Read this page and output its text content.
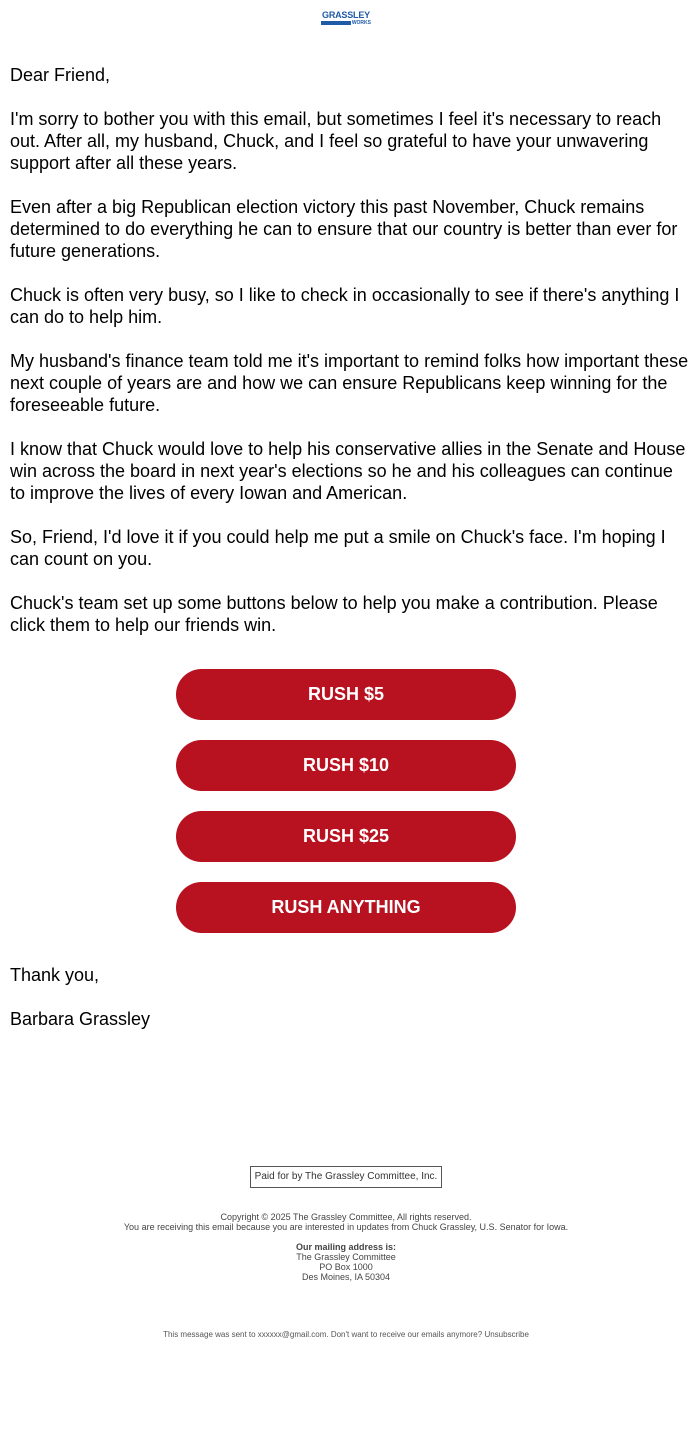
GRASSLEY
WORKS

Dear Friend,

I'm sorry to bother you with this email, but sometimes I feel it's necessary to reach out. After all, my husband, Chuck, and I feel so grateful to have your unwavering support after all these years.

Even after a big Republican election victory this past November, Chuck remains determined to do everything he can to ensure that our country is better than ever for future generations.

Chuck is often very busy, so I like to check in occasionally to see if there's anything I can do to help him.

My husband's finance team told me it's important to remind folks how important these next couple of years are and how we can ensure Republicans keep winning for the foreseeable future.

I know that Chuck would love to help his conservative allies in the Senate and House win across the board in next year's elections so he and his colleagues can continue to improve the lives of every Iowan and American.

So, Friend, I'd love it if you could help me put a smile on Chuck's face. I'm hoping I can count on you.

Chuck's team set up some buttons below to help you make a contribution. Please click them to help our friends win.

RUSH $5
RUSH $10
RUSH $25
RUSH ANYTHING

Thank you,

Barbara Grassley

Paid for by The Grassley Committee, Inc.
Copyright © 2025 The Grassley Committee, All rights reserved.
You are receiving this email because you are interested in updates from Chuck Grassley, U.S. Senator for Iowa.
Our mailing address is:
The Grassley Committee
PO Box 1000
Des Moines, IA 50304
This message was sent to xxxxxx@gmail.com. Don't want to receive our emails anymore? Unsubscribe
